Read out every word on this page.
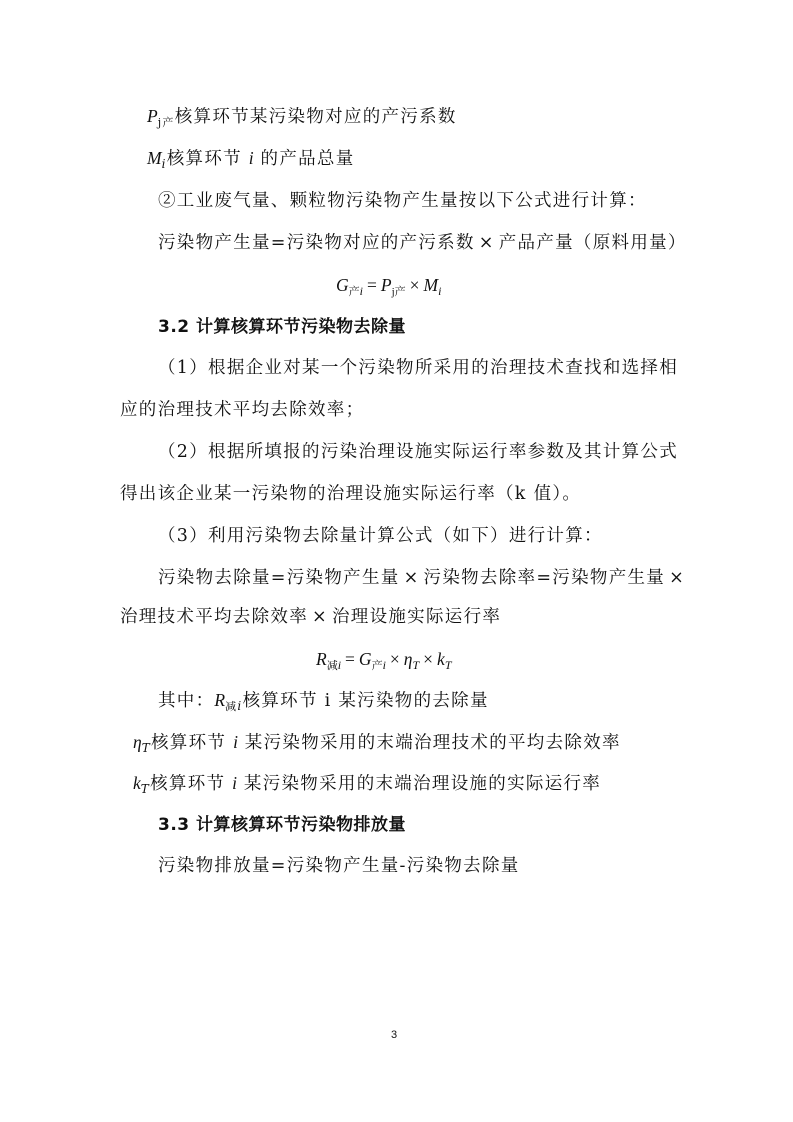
$P_{j产}$核算环节某污染物对应的产污系数
$M_i$核算环节 i 的产品总量
②工业废气量、颗粒物污染物产生量按以下公式进行计算：
污染物产生量=污染物对应的产污系数 × 产品产量（原料用量）
$G_{产i} = P_{j产} \times M_i$
3.2 计算核算环节污染物去除量
（1）根据企业对某一个污染物所采用的治理技术查找和选择相
应的治理技术平均去除效率；
（2）根据所填报的污染治理设施实际运行率参数及其计算公式
得出该企业某一污染物的治理设施实际运行率（k 值）。
（3）利用污染物去除量计算公式（如下）进行计算：
污染物去除量=污染物产生量 × 污染物去除率=污染物产生量 ×
治理技术平均去除效率 × 治理设施实际运行率
$R_{减i} = G_{产i} \times \eta_T \times k_T$
其中：$R_{减i}$核算环节 i 某污染物的去除量
$\eta_T$核算环节 i 某污染物采用的末端治理技术的平均去除效率
$k_T$核算环节 i 某污染物采用的末端治理设施的实际运行率
3.3 计算核算环节污染物排放量
污染物排放量=污染物产生量-污染物去除量
3
